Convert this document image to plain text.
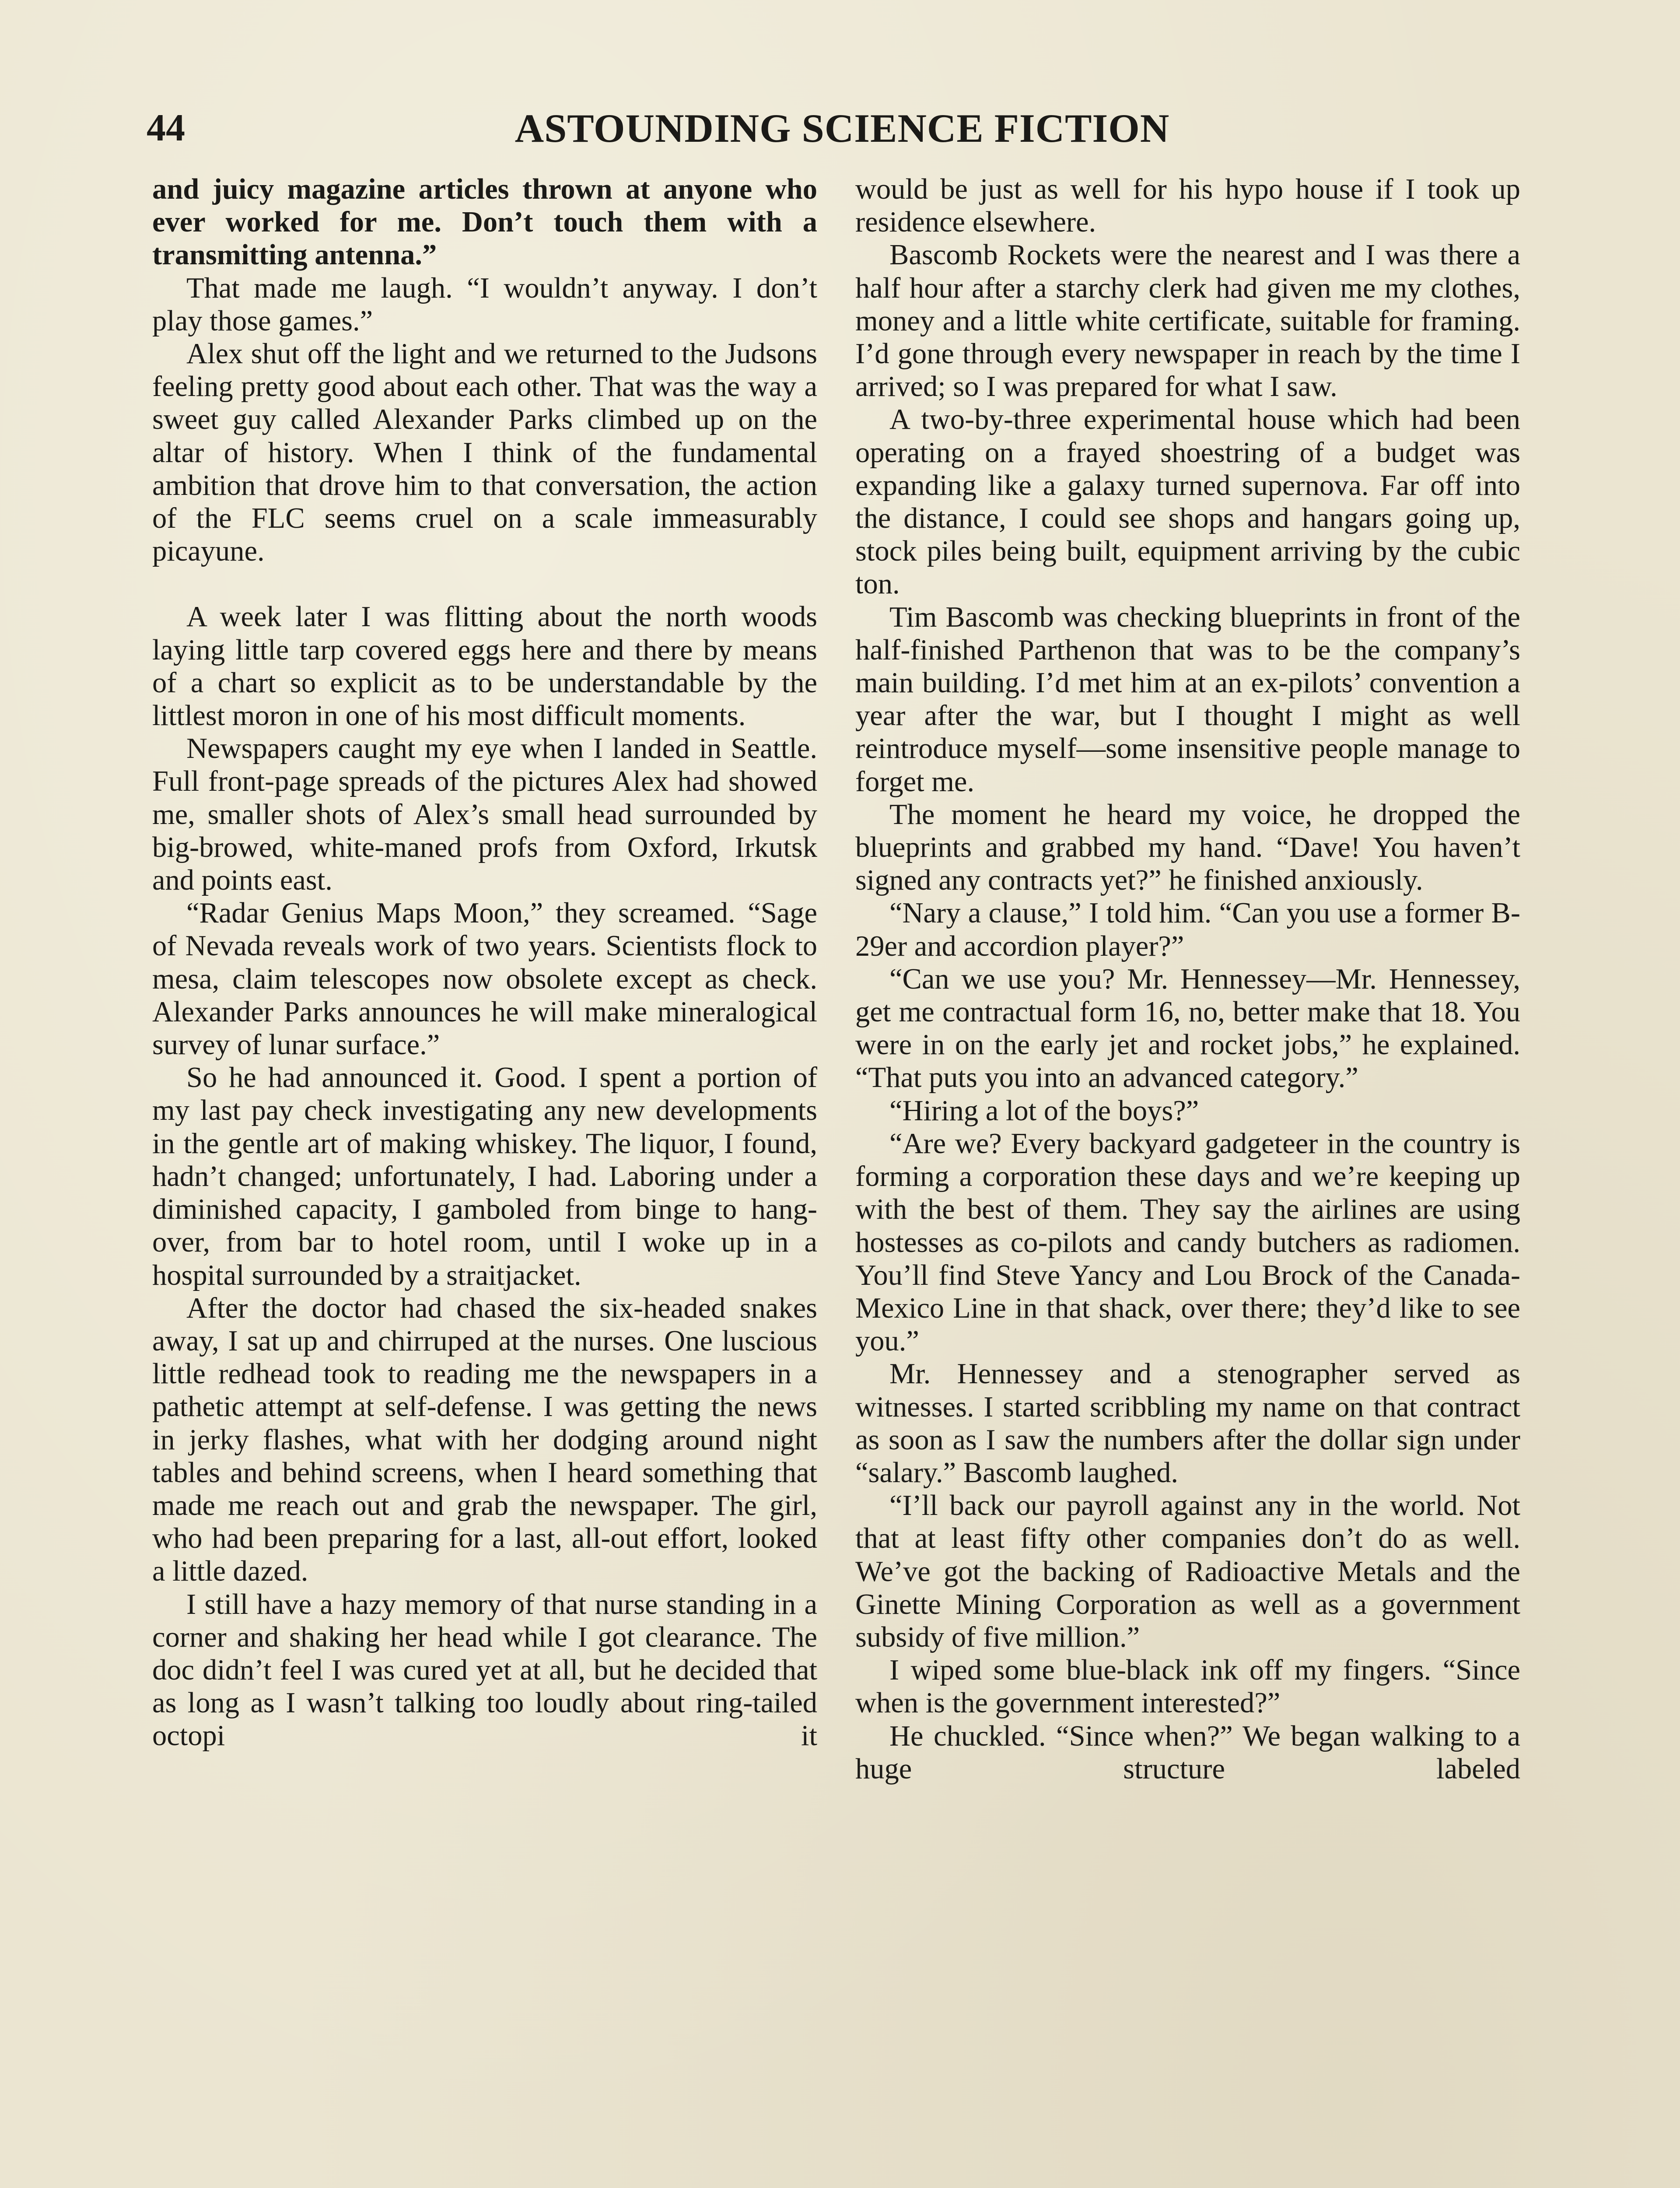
44	ASTOUNDING SCIENCE FICTION

and juicy magazine articles thrown at anyone who ever worked for me. Don’t touch them with a transmitting antenna.”

That made me laugh. “I wouldn’t anyway. I don’t play those games.”

Alex shut off the light and we returned to the Judsons feeling pretty good about each other. That was the way a sweet guy called Alexander Parks climbed up on the altar of history. When I think of the fundamental ambition that drove him to that conversation, the action of the FLC seems cruel on a scale immeasurably picayune.

A week later I was flitting about the north woods laying little tarp covered eggs here and there by means of a chart so explicit as to be understandable by the littlest moron in one of his most difficult moments.

Newspapers caught my eye when I landed in Seattle. Full front-page spreads of the pictures Alex had showed me, smaller shots of Alex’s small head surrounded by big-browed, white-maned profs from Oxford, Irkutsk and points east.

“Radar Genius Maps Moon,” they screamed. “Sage of Nevada reveals work of two years. Scientists flock to mesa, claim telescopes now obsolete except as check. Alexander Parks announces he will make mineralogical survey of lunar surface.”

So he had announced it. Good. I spent a portion of my last pay check investigating any new developments in the gentle art of making whiskey. The liquor, I found, hadn’t changed; unfortunately, I had. Laboring under a diminished capacity, I gamboled from binge to hangover, from bar to hotel room, until I woke up in a hospital surrounded by a straitjacket.

After the doctor had chased the six-headed snakes away, I sat up and chirruped at the nurses. One luscious little redhead took to reading me the newspapers in a pathetic attempt at self-defense. I was getting the news in jerky flashes, what with her dodging around night tables and behind screens, when I heard something that made me reach out and grab the newspaper. The girl, who had been preparing for a last, all-out effort, looked a little dazed.

I still have a hazy memory of that nurse standing in a corner and shaking her head while I got clearance. The doc didn’t feel I was cured yet at all, but he decided that as long as I wasn’t talking too loudly about ring-tailed octopi it

would be just as well for his hypo house if I took up residence elsewhere.

Bascomb Rockets were the nearest and I was there a half hour after a starchy clerk had given me my clothes, money and a little white certificate, suitable for framing. I’d gone through every newspaper in reach by the time I arrived; so I was prepared for what I saw.

A two-by-three experimental house which had been operating on a frayed shoestring of a budget was expanding like a galaxy turned supernova. Far off into the distance, I could see shops and hangars going up, stock piles being built, equipment arriving by the cubic ton.

Tim Bascomb was checking blueprints in front of the half-finished Parthenon that was to be the company’s main building. I’d met him at an ex-pilots’ convention a year after the war, but I thought I might as well reintroduce myself—some insensitive people manage to forget me.

The moment he heard my voice, he dropped the blueprints and grabbed my hand. “Dave! You haven’t signed any contracts yet?” he finished anxiously.

“Nary a clause,” I told him. “Can you use a former B-29er and accordion player?”

“Can we use you? Mr. Hennessey—Mr. Hennessey, get me contractual form 16, no, better make that 18. You were in on the early jet and rocket jobs,” he explained. “That puts you into an advanced category.”

“Hiring a lot of the boys?”

“Are we? Every backyard gadgeteer in the country is forming a corporation these days and we’re keeping up with the best of them. They say the airlines are using hostesses as co-pilots and candy butchers as radiomen. You’ll find Steve Yancy and Lou Brock of the Canada-Mexico Line in that shack, over there; they’d like to see you.”

Mr. Hennessey and a stenographer served as witnesses. I started scribbling my name on that contract as soon as I saw the numbers after the dollar sign under “salary.” Bascomb laughed.

“I’ll back our payroll against any in the world. Not that at least fifty other companies don’t do as well. We’ve got the backing of Radioactive Metals and the Ginette Mining Corporation as well as a government subsidy of five million.”

I wiped some blue-black ink off my fingers. “Since when is the government interested?”

He chuckled. “Since when?” We began walking to a huge structure labeled
